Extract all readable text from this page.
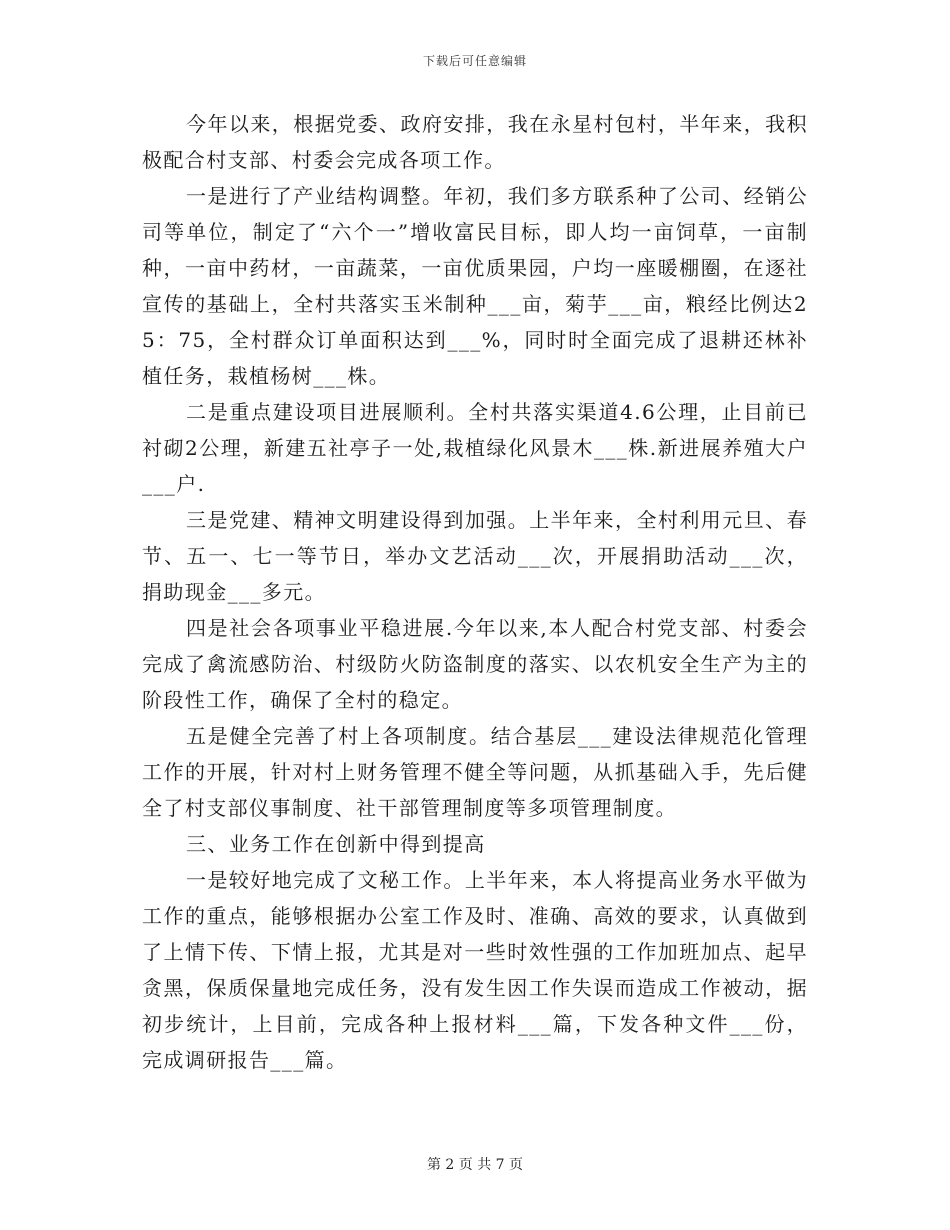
下载后可任意编辑

今年以来，根据党委、政府安排，我在永星村包村，半年来，我积极配合村支部、村委会完成各项工作。

一是进行了产业结构调整。年初，我们多方联系种了公司、经销公司等单位，制定了“六个一”增收富民目标，即人均一亩饲草，一亩制种，一亩中药材，一亩蔬菜，一亩优质果园，户均一座暖棚圈，在逐社宣传的基础上，全村共落实玉米制种___亩，菊芋___亩，粮经比例达25：75，全村群众订单面积达到___%，同时时全面完成了退耕还林补植任务，栽植杨树___株。

二是重点建设项目进展顺利。全村共落实渠道4.6公理，止目前已衬砌2公理，新建五社亭子一处,栽植绿化风景木___株.新进展养殖大户___户.

三是党建、精神文明建设得到加强。上半年来，全村利用元旦、春节、五一、七一等节日，举办文艺活动___次，开展捐助活动___次，捐助现金___多元。

四是社会各项事业平稳进展.今年以来,本人配合村党支部、村委会完成了禽流感防治、村级防火防盗制度的落实、以农机安全生产为主的阶段性工作，确保了全村的稳定。

五是健全完善了村上各项制度。结合基层___建设法律规范化管理工作的开展，针对村上财务管理不健全等问题，从抓基础入手，先后健全了村支部仪事制度、社干部管理制度等多项管理制度。

三、业务工作在创新中得到提高

一是较好地完成了文秘工作。上半年来，本人将提高业务水平做为工作的重点，能够根据办公室工作及时、准确、高效的要求，认真做到了上情下传、下情上报，尤其是对一些时效性强的工作加班加点、起早贪黑，保质保量地完成任务，没有发生因工作失误而造成工作被动，据初步统计，上目前，完成各种上报材料___篇，下发各种文件___份，完成调研报告___篇。

第 2 页 共 7 页
